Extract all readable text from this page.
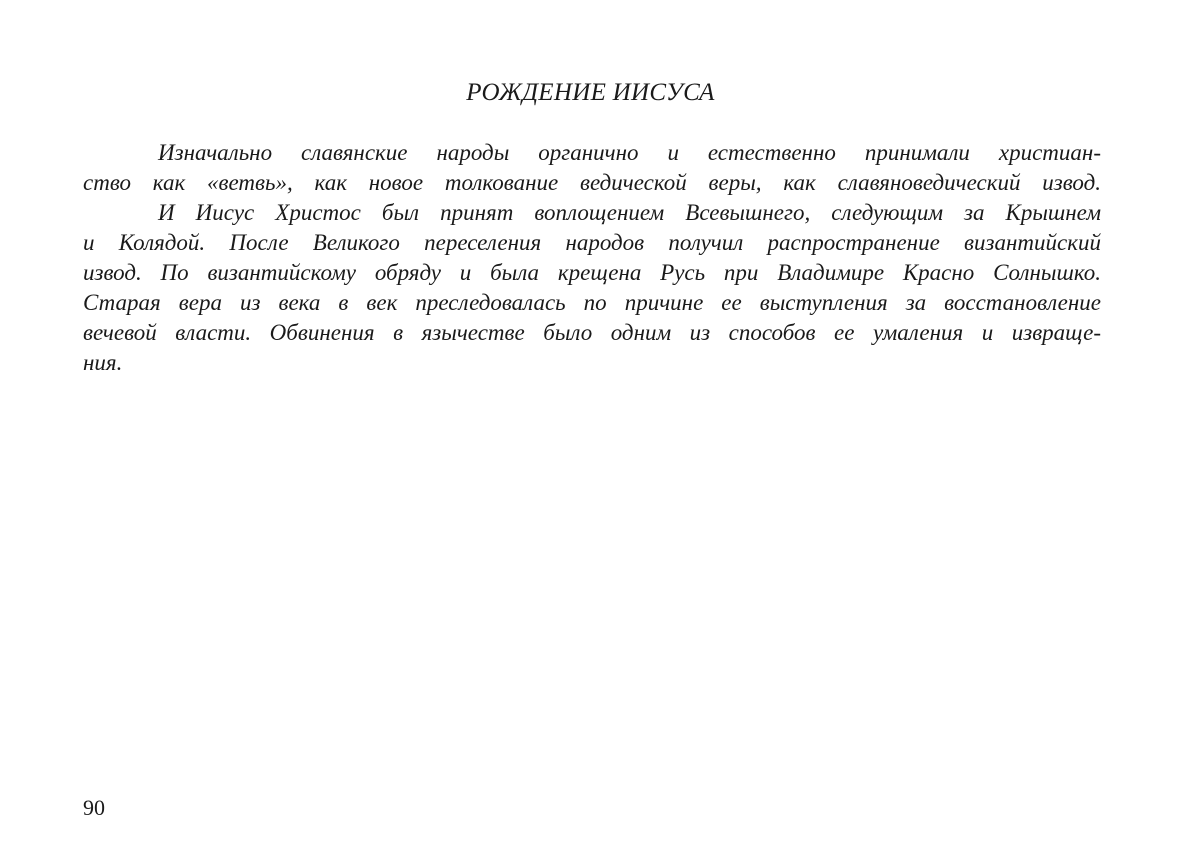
РОЖДЕНИЕ ИИСУСА
Изначально славянские народы органично и естественно принимали христиан-
ство как «ветвь», как новое толкование ведической веры, как славяноведический извод.
И Иисус Христос был принят воплощением Всевышнего, следующим за Крышнем
и Колядой. После Великого переселения народов получил распространение византийский
извод. По византийскому обряду и была крещена Русь при Владимире Красно Солнышко.
Старая вера из века в век преследовалась по причине ее выступления за восстановление
вечевой власти. Обвинения в язычестве было одним из способов ее умаления и извраще-
ния.
90
